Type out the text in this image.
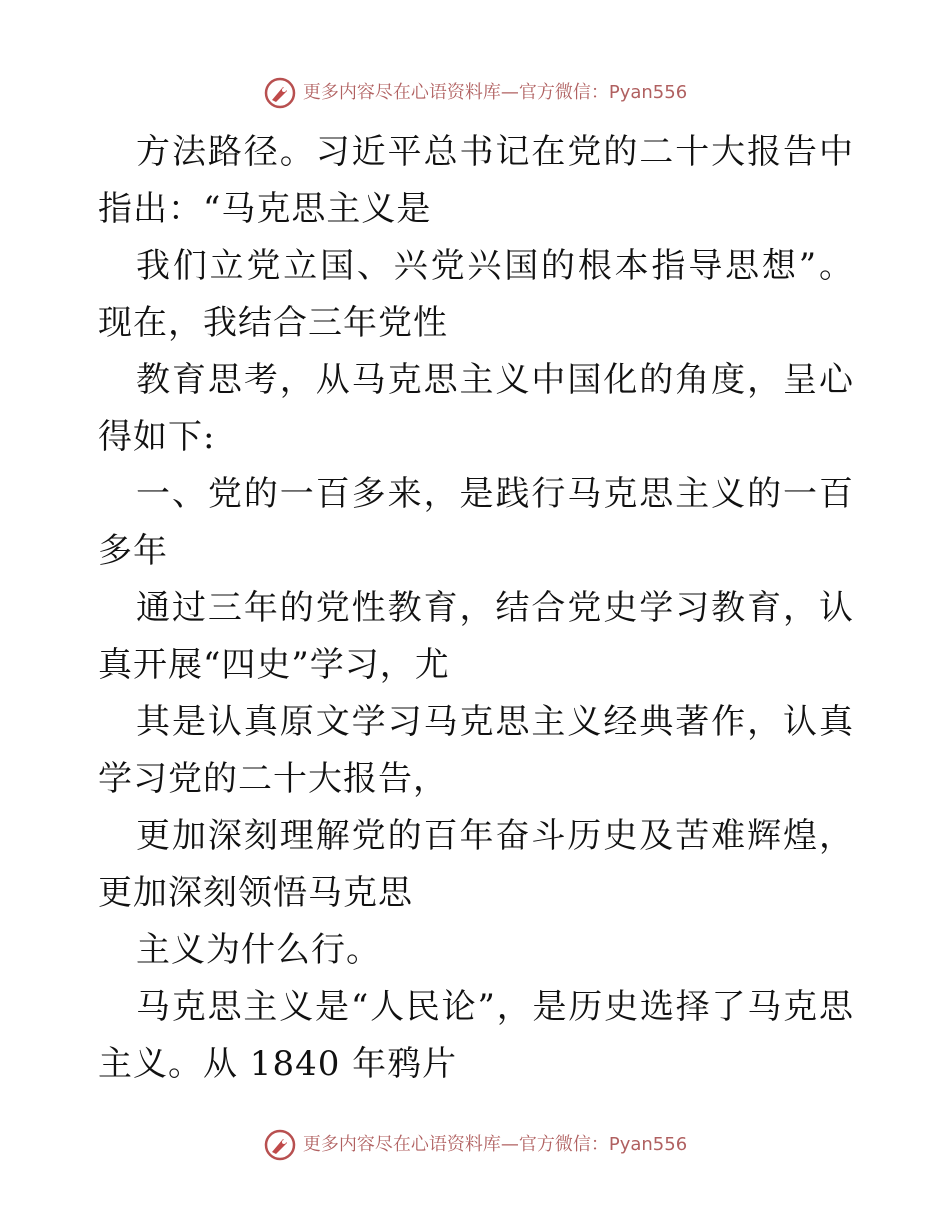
更多内容尽在心语资料库—官方微信：Pyan556

方法路径。习近平总书记在党的二十大报告中指出：“马克思主义是

我们立党立国、兴党兴国的根本指导思想”。现在，我结合三年党性

教育思考，从马克思主义中国化的角度，呈心得如下:

一、党的一百多来，是践行马克思主义的一百多年

通过三年的党性教育，结合党史学习教育，认真开展“四史”学习，尤

其是认真原文学习马克思主义经典著作，认真学习党的二十大报告，

更加深刻理解党的百年奋斗历史及苦难辉煌，更加深刻领悟马克思

主义为什么行。

马克思主义是“人民论”，是历史选择了马克思主义。从 1840 年鸦片

更多内容尽在心语资料库—官方微信：Pyan556
